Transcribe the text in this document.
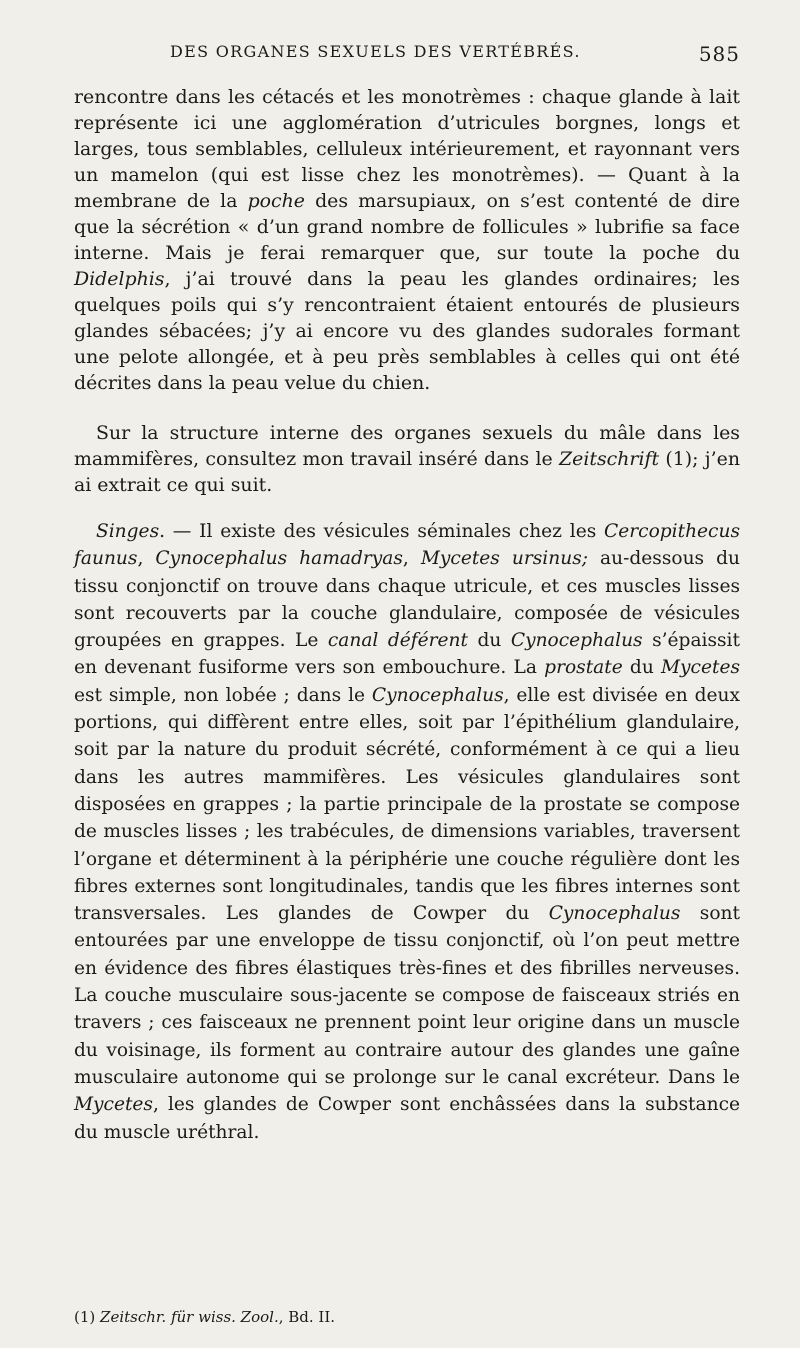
DES ORGANES SEXUELS DES VERTÉBRÉS.	585

rencontre dans les cétacés et les monotrèmes : chaque glande à lait représente ici une agglomération d’utricules borgnes, longs et larges, tous semblables, celluleux intérieurement, et rayonnant vers un mamelon (qui est lisse chez les monotrèmes). — Quant à la membrane de la poche des marsupiaux, on s’est contenté de dire que la sécrétion « d’un grand nombre de follicules » lubrifie sa face interne. Mais je ferai remarquer que, sur toute la poche du Didelphis, j’ai trouvé dans la peau les glandes ordinaires; les quelques poils qui s’y rencontraient étaient entourés de plusieurs glandes sébacées; j’y ai encore vu des glandes sudorales formant une pelote allongée, et à peu près semblables à celles qui ont été décrites dans la peau velue du chien.

Sur la structure interne des organes sexuels du mâle dans les mammifères, consultez mon travail inséré dans le Zeitschrift (1); j’en ai extrait ce qui suit.

Singes. — Il existe des vésicules séminales chez les Cercopithecus faunus, Cynocephalus hamadryas, Mycetes ursinus; au-dessous du tissu conjonctif on trouve dans chaque utricule, et ces muscles lisses sont recouverts par la couche glandulaire, composée de vésicules groupées en grappes. Le canal déférent du Cynocephalus s’épaissit en devenant fusiforme vers son embouchure. La prostate du Mycetes est simple, non lobée ; dans le Cynocephalus, elle est divisée en deux portions, qui diffèrent entre elles, soit par l’épithélium glandulaire, soit par la nature du produit sécrété, conformément à ce qui a lieu dans les autres mammifères. Les vésicules glandulaires sont disposées en grappes ; la partie principale de la prostate se compose de muscles lisses ; les trabécules, de dimensions variables, traversent l’organe et déterminent à la périphérie une couche régulière dont les fibres externes sont longitudinales, tandis que les fibres internes sont transversales. Les glandes de Cowper du Cynocephalus sont entourées par une enveloppe de tissu conjonctif, où l’on peut mettre en évidence des fibres élastiques très-fines et des fibrilles nerveuses. La couche musculaire sous-jacente se compose de faisceaux striés en travers ; ces faisceaux ne prennent point leur origine dans un muscle du voisinage, ils forment au contraire autour des glandes une gaîne musculaire autonome qui se prolonge sur le canal excréteur. Dans le Mycetes, les glandes de Cowper sont enchâssées dans la substance du muscle uréthral.

(1) Zeitschr. für wiss. Zool., Bd. II.
